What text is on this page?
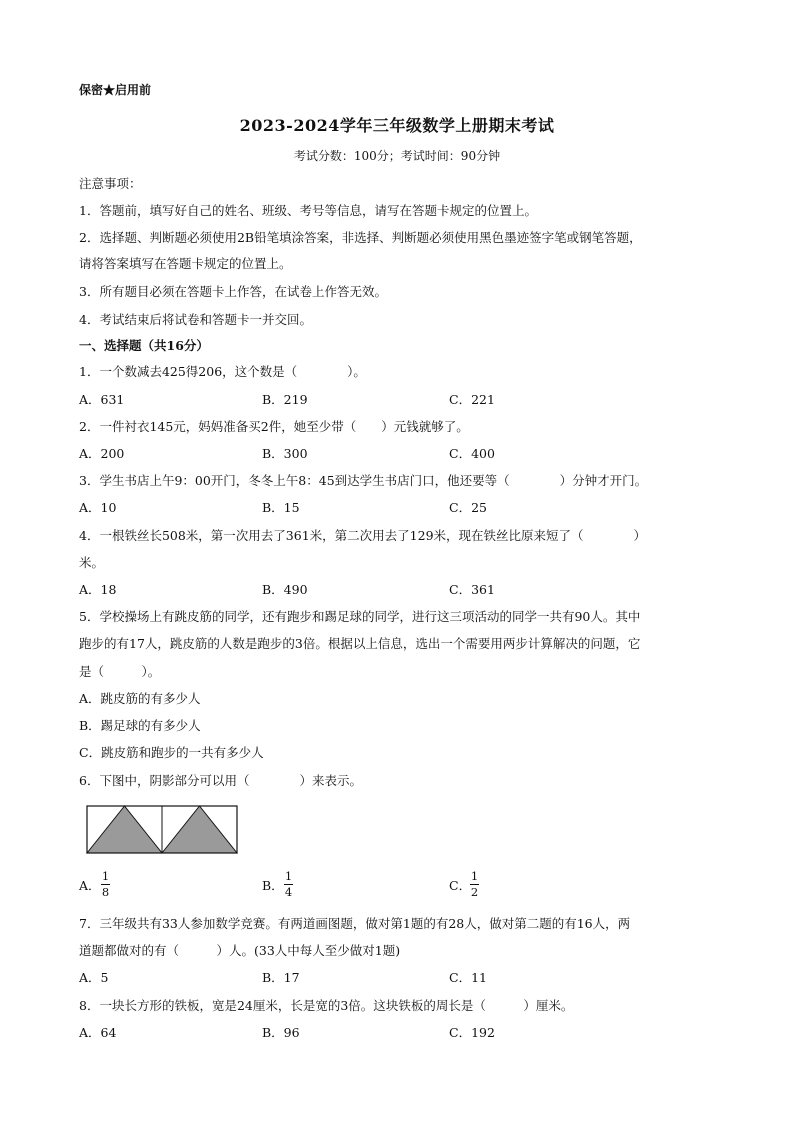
保密★启用前
2023-2024学年三年级数学上册期末考试
考试分数：100分；考试时间：90分钟
注意事项：
1．答题前，填写好自己的姓名、班级、考号等信息，请写在答题卡规定的位置上。
2．选择题、判断题必须使用2B铅笔填涂答案，非选择、判断题必须使用黑色墨迹签字笔或钢笔答题，
请将答案填写在答题卡规定的位置上。
3．所有题目必须在答题卡上作答，在试卷上作答无效。
4．考试结束后将试卷和答题卡一并交回。
一、选择题（共16分）
1．一个数减去425得206，这个数是（　　　　）。
A．631	B．219	C．221
2．一件衬衣145元，妈妈准备买2件，她至少带（　　）元钱就够了。
A．200	B．300	C．400
3．学生书店上午9：00开门，冬冬上午8：45到达学生书店门口，他还要等（　　　　）分钟才开门。
A．10	B．15	C．25
4．一根铁丝长508米，第一次用去了361米，第二次用去了129米，现在铁丝比原来短了（　　　　）
米。
A．18	B．490	C．361
5．学校操场上有跳皮筋的同学，还有跑步和踢足球的同学，进行这三项活动的同学一共有90人。其中
跑步的有17人，跳皮筋的人数是跑步的3倍。根据以上信息，选出一个需要用两步计算解决的问题，它
是（　　　）。
A．跳皮筋的有多少人
B．踢足球的有多少人
C．跳皮筋和跑步的一共有多少人
6．下图中，阴影部分可以用（　　　　）来表示。
A．
1
8	B．
1
4	C．
1
2
7．三年级共有33人参加数学竞赛。有两道画图题，做对第1题的有28人，做对第二题的有16人，两
道题都做对的有（　　　）人。(33人中每人至少做对1题)
A．5	B．17	C．11
8．一块长方形的铁板，宽是24厘米，长是宽的3倍。这块铁板的周长是（　　　）厘米。
A．64	B．96	C．192
